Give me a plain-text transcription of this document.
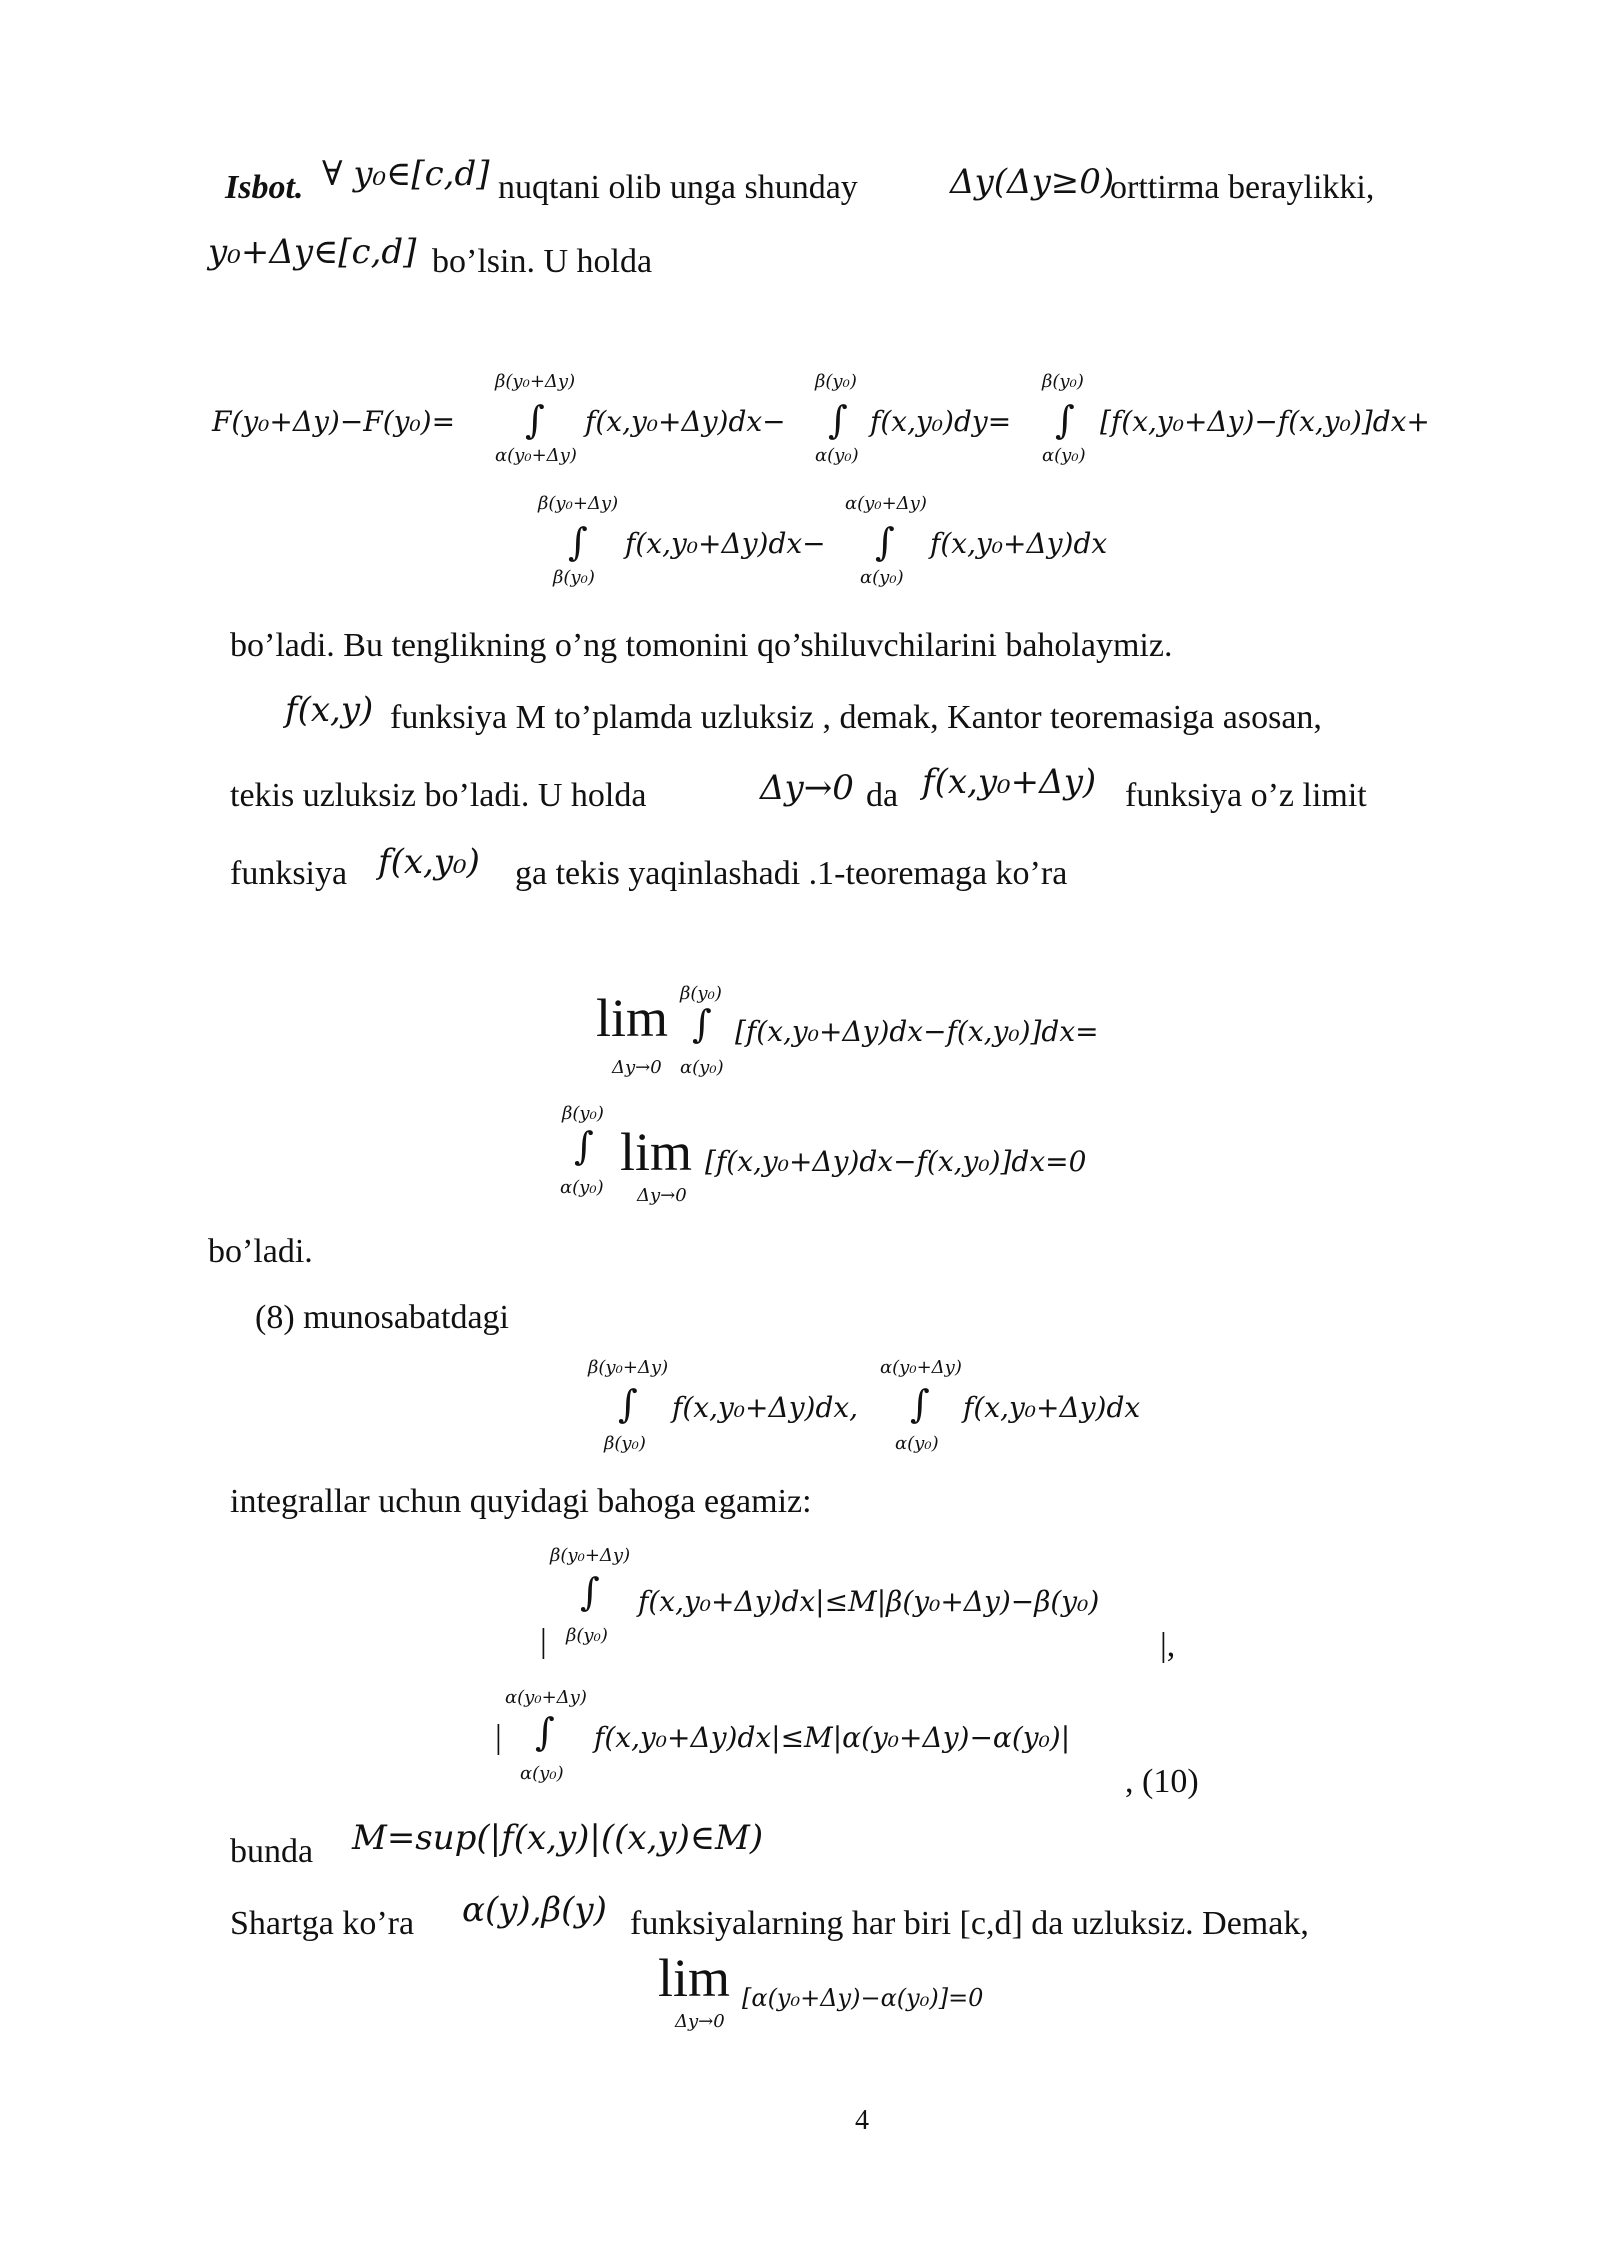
Isbot. ∀ y₀∈[c,d] nuqtani olib unga shunday	Δy(Δy≥0)
orttirma beraylikki,
y₀+Δy∈[c,d] bo’lsin. U holda
F(y₀+Δy)−F(y₀)=
β(y₀+Δy)
∫
α(y₀+Δy)
f(x,y₀+Δy)dx−
β(y₀)
∫
α(y₀)
f(x,y₀)dy=
β(y₀)
∫
α(y₀)
[f(x,y₀+Δy)−f(x,y₀)]dx+
β(y₀+Δy)
∫
β(y₀)
f(x,y₀+Δy)dx−
α(y₀+Δy)
∫
α(y₀)
f(x,y₀+Δy)dx
bo’ladi. Bu tenglikning o’ng tomonini qo’shiluvchilarini baholaymiz.
f(x,y) funksiya M to’plamda uzluksiz , demak, Kantor teoremasiga asosan,
tekis uzluksiz bo’ladi. U holda	Δy→0 da f(x,y₀+Δy) funksiya o’z limit
funksiya f(x,y₀) ga tekis yaqinlashadi .1-teoremaga ko’ra
lim
Δy→0
β(y₀)
∫
α(y₀)
[f(x,y₀+Δy)dx−f(x,y₀)]dx=
β(y₀)
∫
α(y₀)
lim
Δy→0
[f(x,y₀+Δy)dx−f(x,y₀)]dx=0
bo’ladi.
(8) munosabatdagi
β(y₀+Δy)
∫
β(y₀)
f(x,y₀+Δy)dx,
α(y₀+Δy)
∫
α(y₀)
f(x,y₀+Δy)dx
integrallar uchun quyidagi bahoga egamiz:
β(y₀+Δy)
∫
| β(y₀)
f(x,y₀+Δy)dx|≤M|β(y₀+Δy)−β(y₀)
|,
α(y₀+Δy)
| ∫
α(y₀)
f(x,y₀+Δy)dx|≤M|α(y₀+Δy)−α(y₀)|
, (10)
bunda M=sup(|f(x,y)|((x,y)∈M)
Shartga ko’ra α(y),β(y) funksiyalarning har biri [c,d] da uzluksiz. Demak,
lim
Δy→0
[α(y₀+Δy)−α(y₀)]=0
4
